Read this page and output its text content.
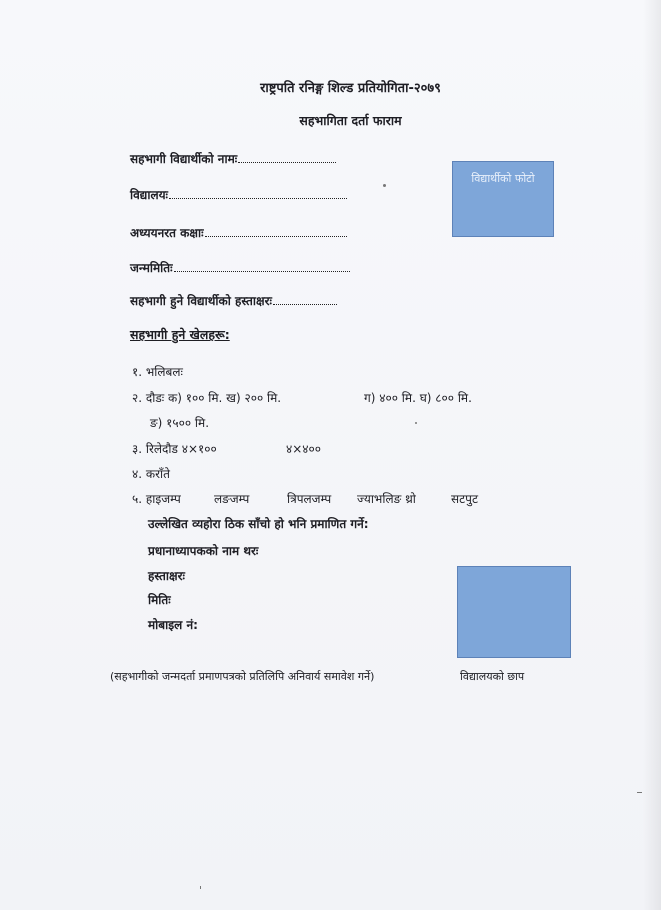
राष्ट्रपति रनिङ्ग शिल्ड प्रतियोगिता-२०७९
सहभागिता दर्ता फाराम
सहभागी विद्यार्थीको नामः
विद्यालयः
अध्ययनरत कक्षाः
जन्ममितिः
सहभागी हुने विद्यार्थीको हस्ताक्षरः
विद्यार्थीको फोटो
सहभागी हुने खेलहरू:
१. भलिबलः
२. दौडः क) १०० मि. ख) २०० मि.	ग) ४०० मि. घ) ८०० मि.
ङ) १५०० मि.
३. रिलेदौड ४×१००	४×४००
४. कराँते
५. हाइजम्प	लङजम्प	त्रिपलजम्प ज्याभलिङ थ्रो	सटपुट
उल्लेखित व्यहोरा ठिक साँचो हो भनि प्रमाणित गर्ने:
प्रधानाध्यापकको नाम थरः
हस्ताक्षरः
मितिः
मोबाइल नं:
(सहभागीको जन्मदर्ता प्रमाणपत्रको प्रतिलिपि अनिवार्य समावेश गर्ने)	विद्यालयको छाप
